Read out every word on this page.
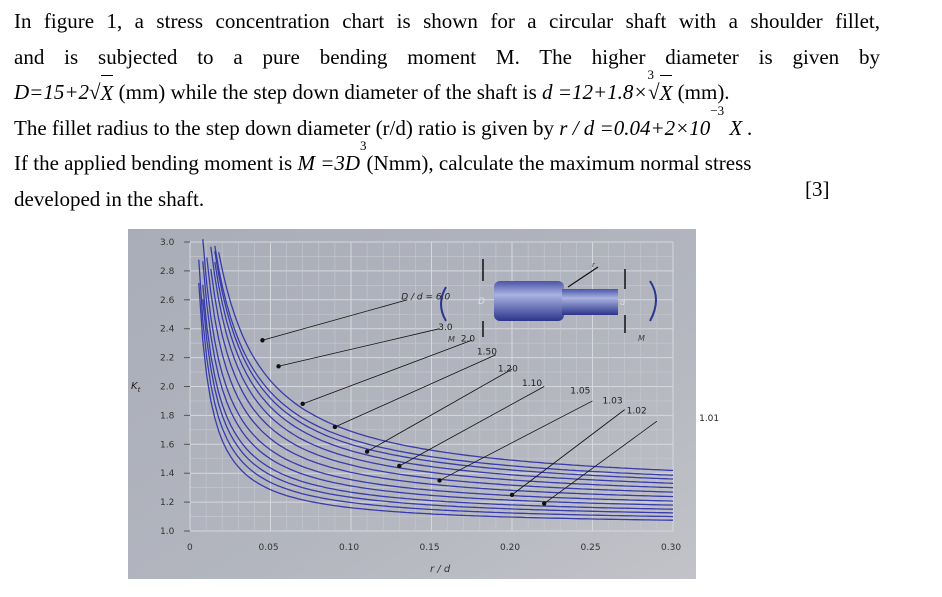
In figure 1, a stress concentration chart is shown for a circular shaft with a shoulder fillet,
and is subjected to a pure bending moment M. The higher diameter is given by
D=15+2 √ X (mm) while the step down diameter of the shaft is d =12+1.8×
3
√ X (mm).
The fillet radius to the step down diameter (r/d) ratio is given by r / d =0.04+2×10
−3
X .
If the applied bending moment is M =3D
3
(Nmm), calculate the maximum normal stress
developed in the shaft.	[3]
3.0
2.8
2.6
2.4
2.2
2.0
1.8
1.6
1.4
1.2
1.0
0	0.05	0.10	0.15	0.20	0.25	0.30
D / d = 6.0
3.0
2.0
1.50
1.20
1.10
1.05
1.03
1.02
1.01
$K_t$
r / d
D	d
M	M
r
